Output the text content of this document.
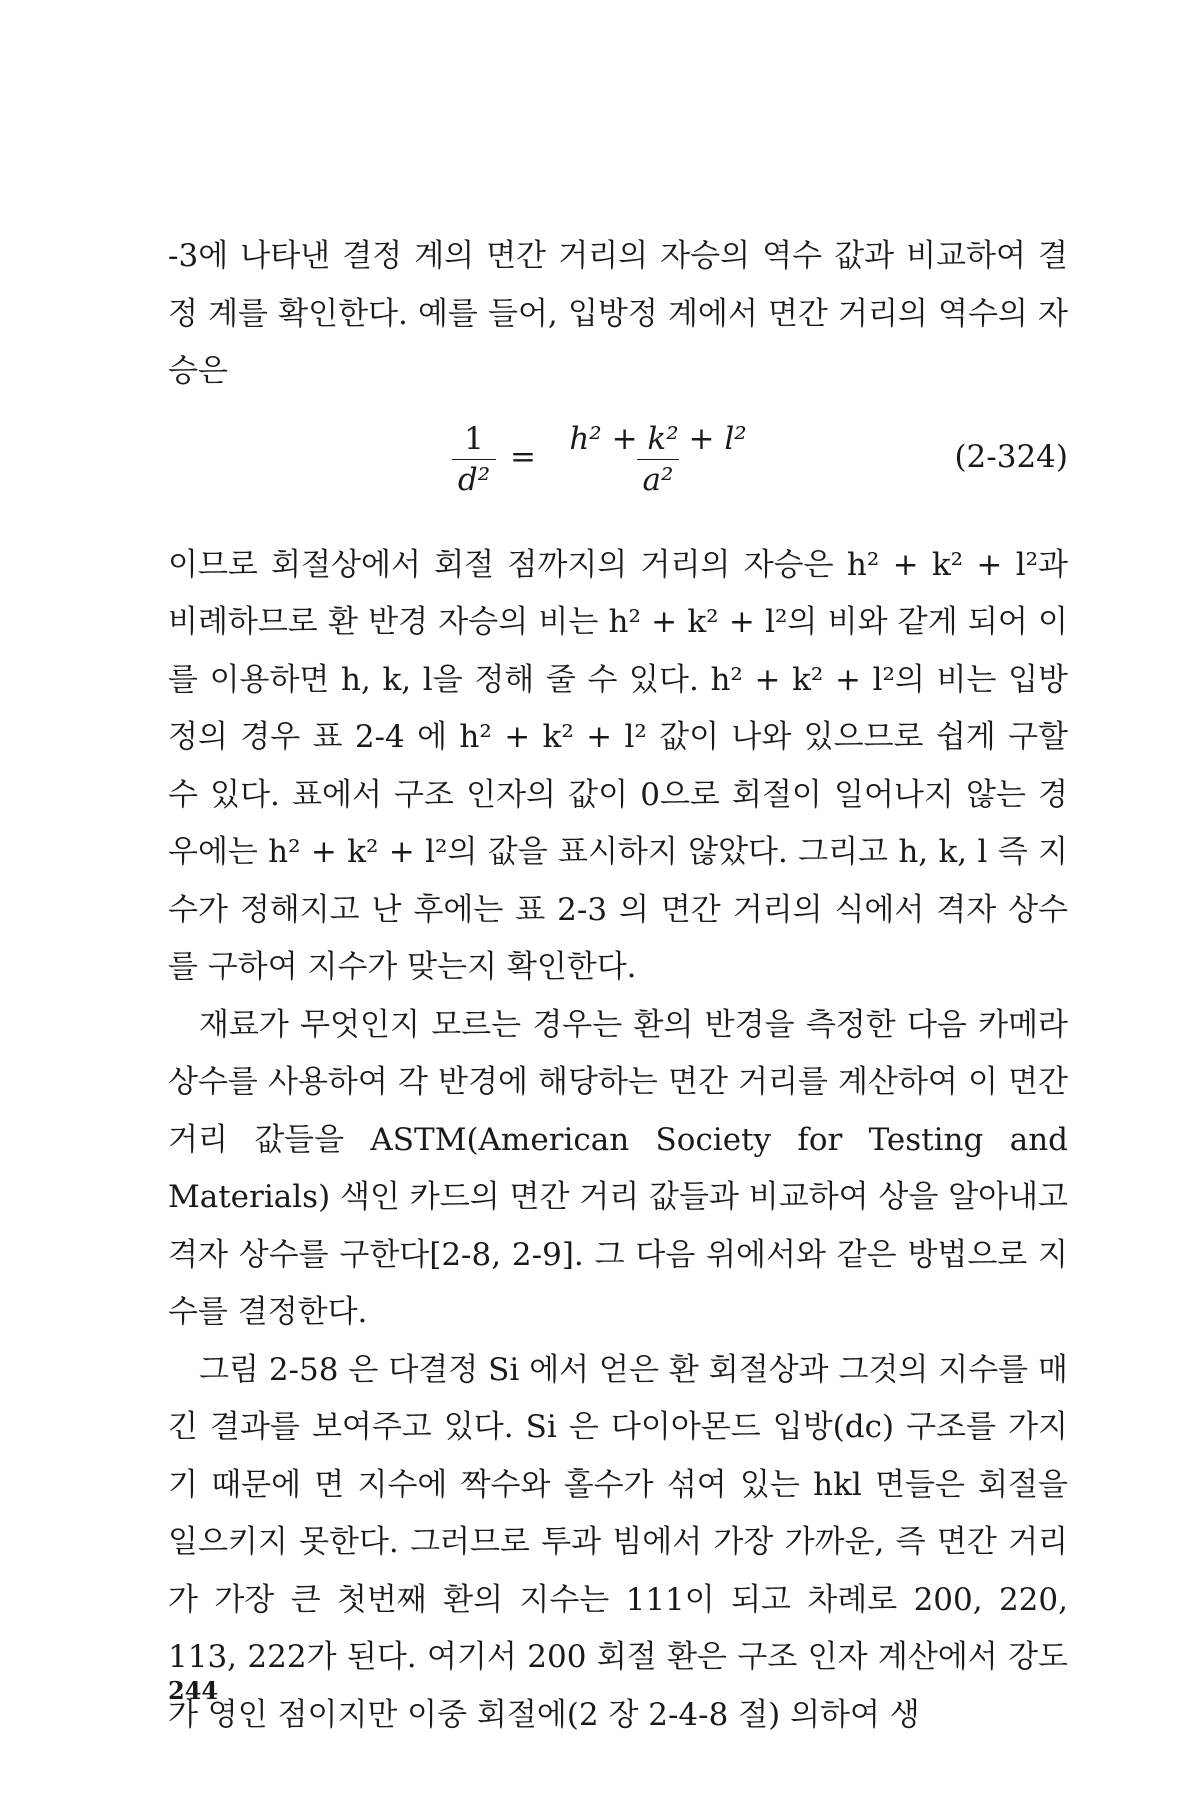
-3에 나타낸 결정 계의 면간 거리의 자승의 역수 값과 비교하여 결정 계를 확인한다. 예를 들어, 입방정 계에서 면간 거리의 역수의 자승은

$\frac{1}{\text{d²}}$ =
$\frac{\text{h² + k² + l²}}{\text{a²}}$	(2-324)

이므로 회절상에서 회절 점까지의 거리의 자승은 h² + k² + l²과 비례하므로 환 반경 자승의 비는 h² + k² + l²의 비와 같게 되어 이를 이용하면 h, k, l을 정해 줄 수 있다. h² + k² + l²의 비는 입방정의 경우 표 2-4 에 h² + k² + l² 값이 나와 있으므로 쉽게 구할 수 있다. 표에서 구조 인자의 값이 0으로 회절이 일어나지 않는 경우에는 h² + k² + l²의 값을 표시하지 않았다. 그리고 h, k, l 즉 지수가 정해지고 난 후에는 표 2-3 의 면간 거리의 식에서 격자 상수를 구하여 지수가 맞는지 확인한다.

재료가 무엇인지 모르는 경우는 환의 반경을 측정한 다음 카메라 상수를 사용하여 각 반경에 해당하는 면간 거리를 계산하여 이 면간 거리 값들을 ASTM(American Society for Testing and Materials) 색인 카드의 면간 거리 값들과 비교하여 상을 알아내고 격자 상수를 구한다[2-8, 2-9]. 그 다음 위에서와 같은 방법으로 지수를 결정한다.

그림 2-58 은 다결정 Si 에서 얻은 환 회절상과 그것의 지수를 매긴 결과를 보여주고 있다. Si 은 다이아몬드 입방(dc) 구조를 가지기 때문에 면 지수에 짝수와 홀수가 섞여 있는 hkl 면들은 회절을 일으키지 못한다. 그러므로 투과 빔에서 가장 가까운, 즉 면간 거리가 가장 큰 첫번째 환의 지수는 111이 되고 차례로 200, 220, 113, 222가 된다. 여기서 200 회절 환은 구조 인자 계산에서 강도가 영인 점이지만 이중 회절에(2 장 2-4-8 절) 의하여 생

244
